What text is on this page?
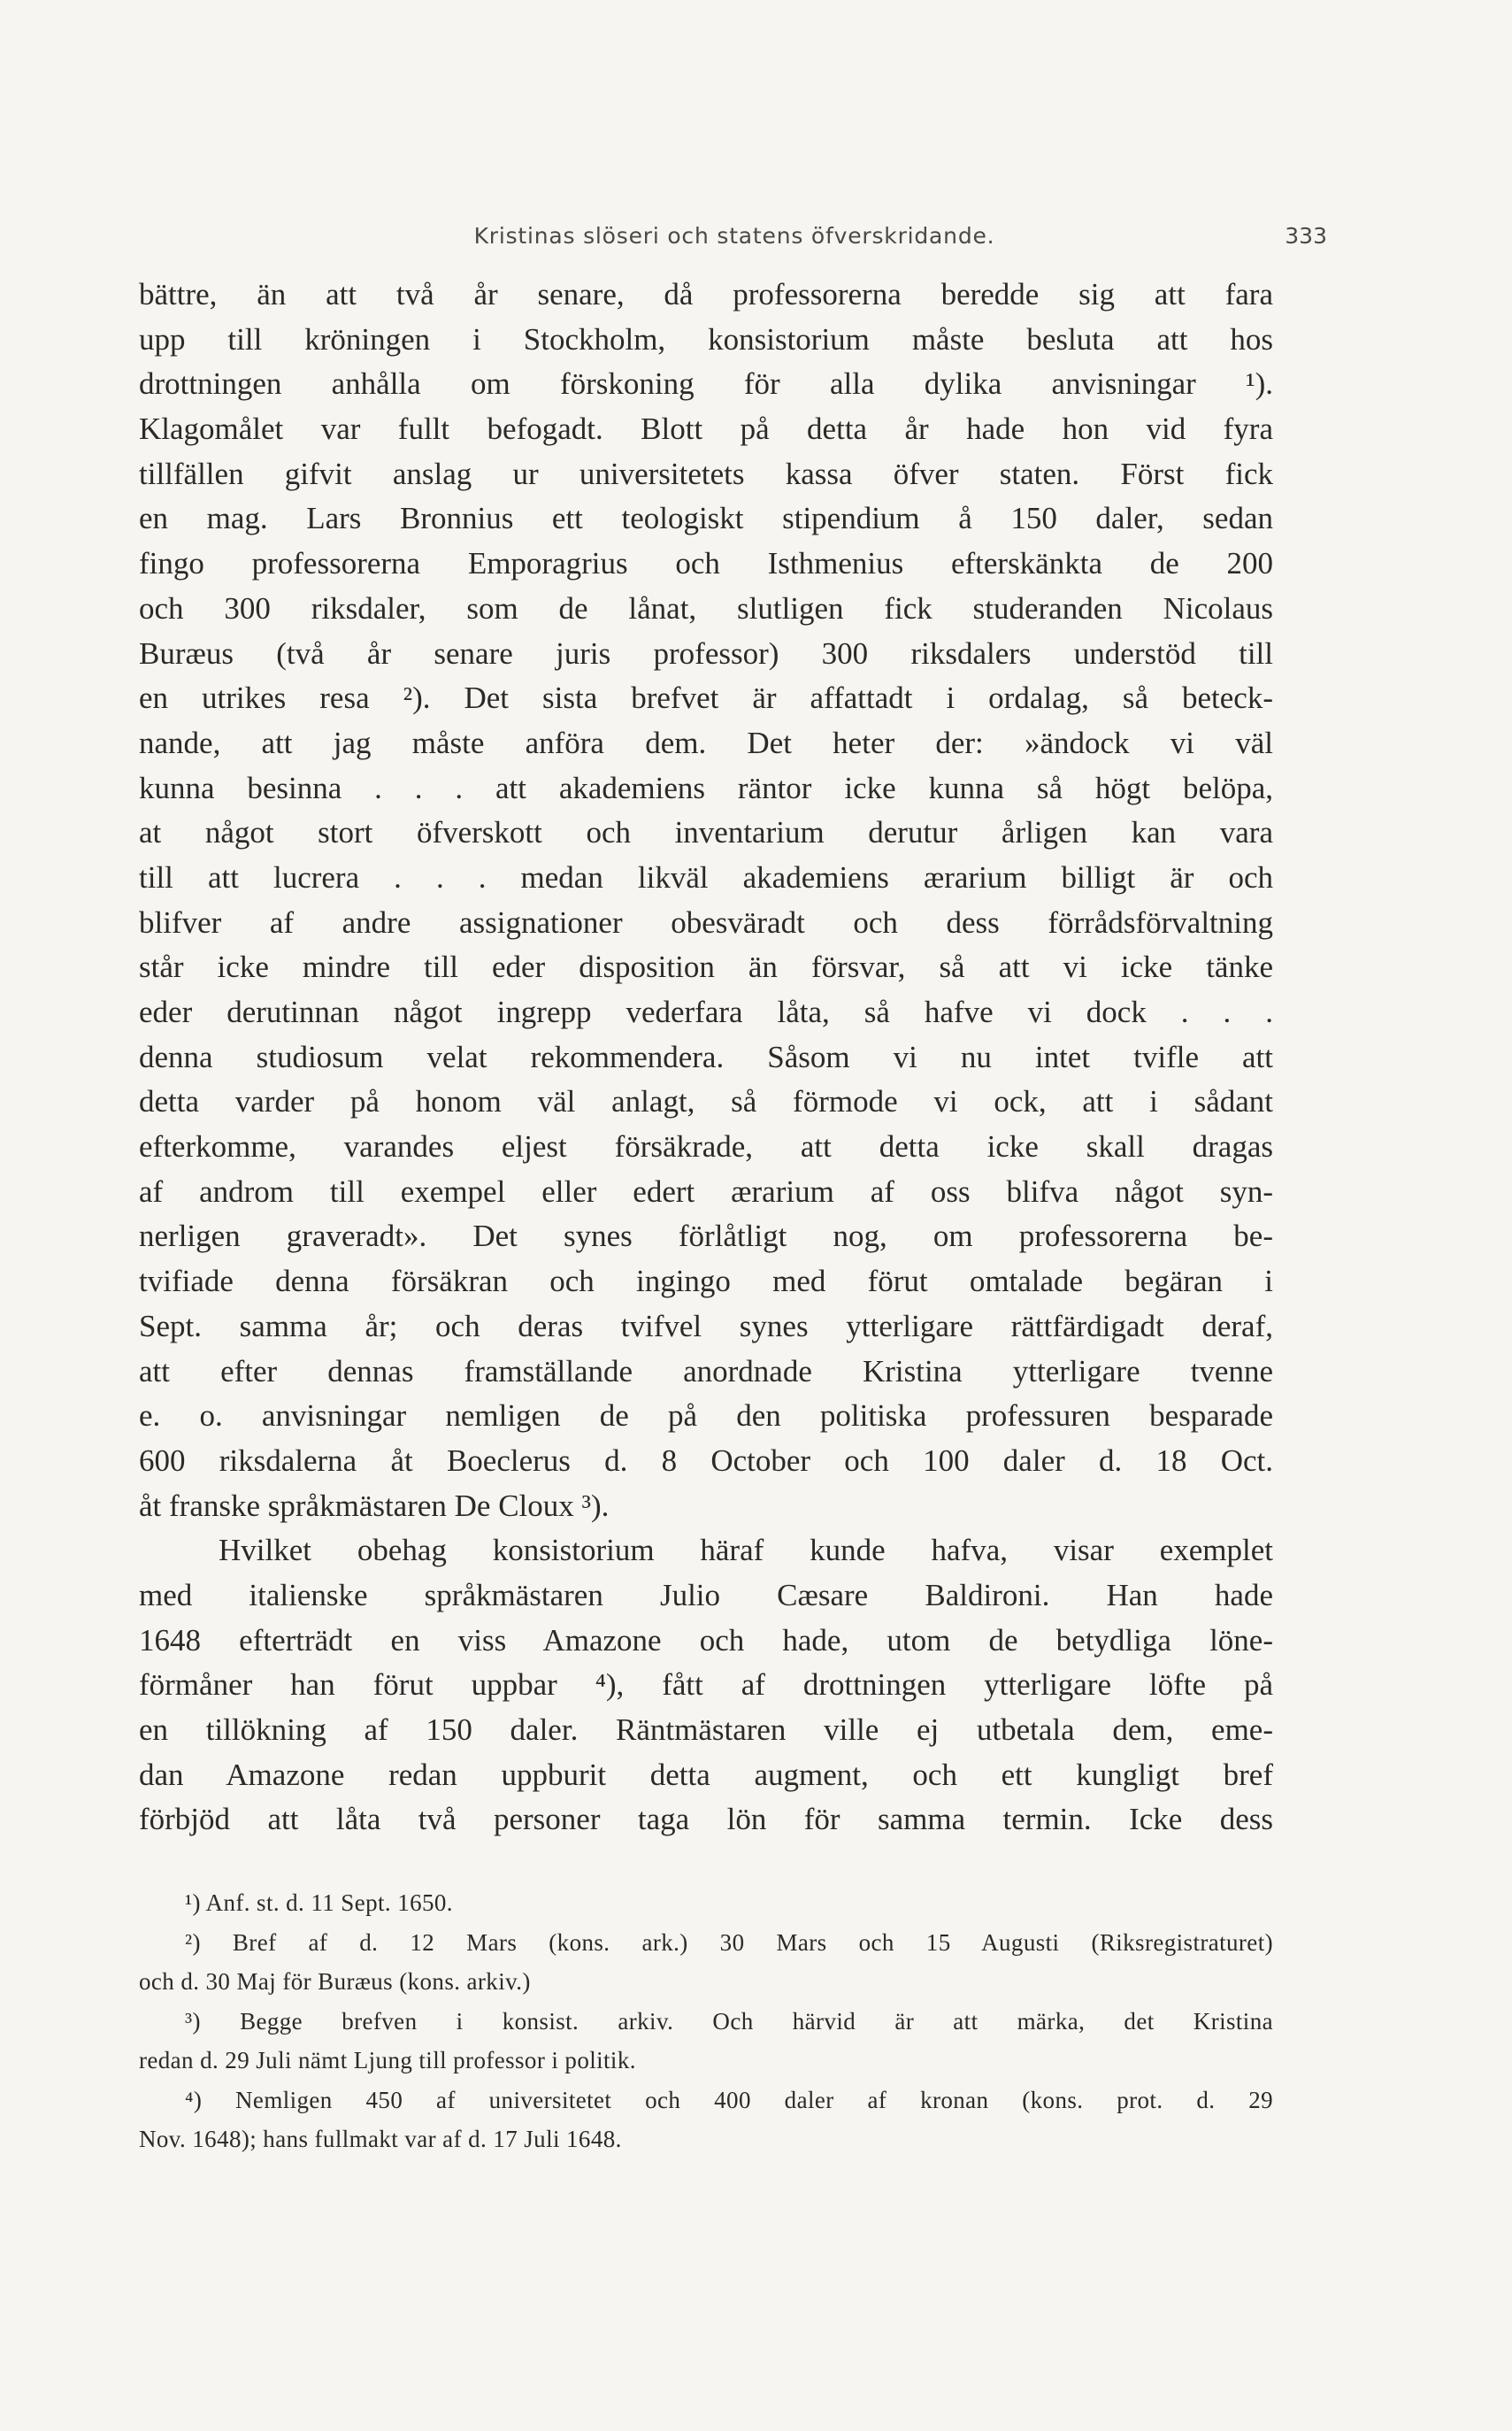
Kristinas slöseri och statens öfverskridande.	333
bättre, än att två år senare, då professorerna beredde sig att fara
upp till kröningen i Stockholm, konsistorium måste besluta att hos
drottningen anhålla om förskoning för alla dylika anvisningar ¹).
Klagomålet var fullt befogadt. Blott på detta år hade hon vid fyra
tillfällen gifvit anslag ur universitetets kassa öfver staten. Först fick
en mag. Lars Bronnius ett teologiskt stipendium å 150 daler, sedan
fingo professorerna Emporagrius och Isthmenius efterskänkta de 200
och 300 riksdaler, som de lånat, slutligen fick studeranden Nicolaus
Buræus (två år senare juris professor) 300 riksdalers understöd till
en utrikes resa ²). Det sista brefvet är affattadt i ordalag, så beteck-
nande, att jag måste anföra dem. Det heter der: »ändock vi väl
kunna besinna . . . att akademiens räntor icke kunna så högt belöpa,
at något stort öfverskott och inventarium derutur årligen kan vara
till att lucrera . . . medan likväl akademiens ærarium billigt är och
blifver af andre assignationer obesväradt och dess förrådsförvaltning
står icke mindre till eder disposition än försvar, så att vi icke tänke
eder derutinnan något ingrepp vederfara låta, så hafve vi dock . . .
denna studiosum velat rekommendera. Såsom vi nu intet tvifle att
detta varder på honom väl anlagt, så förmode vi ock, att i sådant
efterkomme, varandes eljest försäkrade, att detta icke skall dragas
af androm till exempel eller edert ærarium af oss blifva något syn-
nerligen graveradt». Det synes förlåtligt nog, om professorerna be-
tvifiade denna försäkran och ingingo med förut omtalade begäran i
Sept. samma år; och deras tvifvel synes ytterligare rättfärdigadt deraf,
att efter dennas framställande anordnade Kristina ytterligare tvenne
e. o. anvisningar nemligen de på den politiska professuren besparade
600 riksdalerna åt Boeclerus d. 8 October och 100 daler d. 18 Oct.
åt franske språkmästaren De Cloux ³).
Hvilket obehag konsistorium häraf kunde hafva, visar exemplet
med italienske språkmästaren Julio Cæsare Baldironi. Han hade
1648 efterträdt en viss Amazone och hade, utom de betydliga löne-
förmåner han förut uppbar ⁴), fått af drottningen ytterligare löfte på
en tillökning af 150 daler. Räntmästaren ville ej utbetala dem, eme-
dan Amazone redan uppburit detta augment, och ett kungligt bref
förbjöd att låta två personer taga lön för samma termin. Icke dess
¹) Anf. st. d. 11 Sept. 1650.
²) Bref af d. 12 Mars (kons. ark.) 30 Mars och 15 Augusti (Riksregistraturet)
och d. 30 Maj för Buræus (kons. arkiv.)
³) Begge brefven i konsist. arkiv. Och härvid är att märka, det Kristina
redan d. 29 Juli nämt Ljung till professor i politik.
⁴) Nemligen 450 af universitetet och 400 daler af kronan (kons. prot. d. 29
Nov. 1648); hans fullmakt var af d. 17 Juli 1648.
